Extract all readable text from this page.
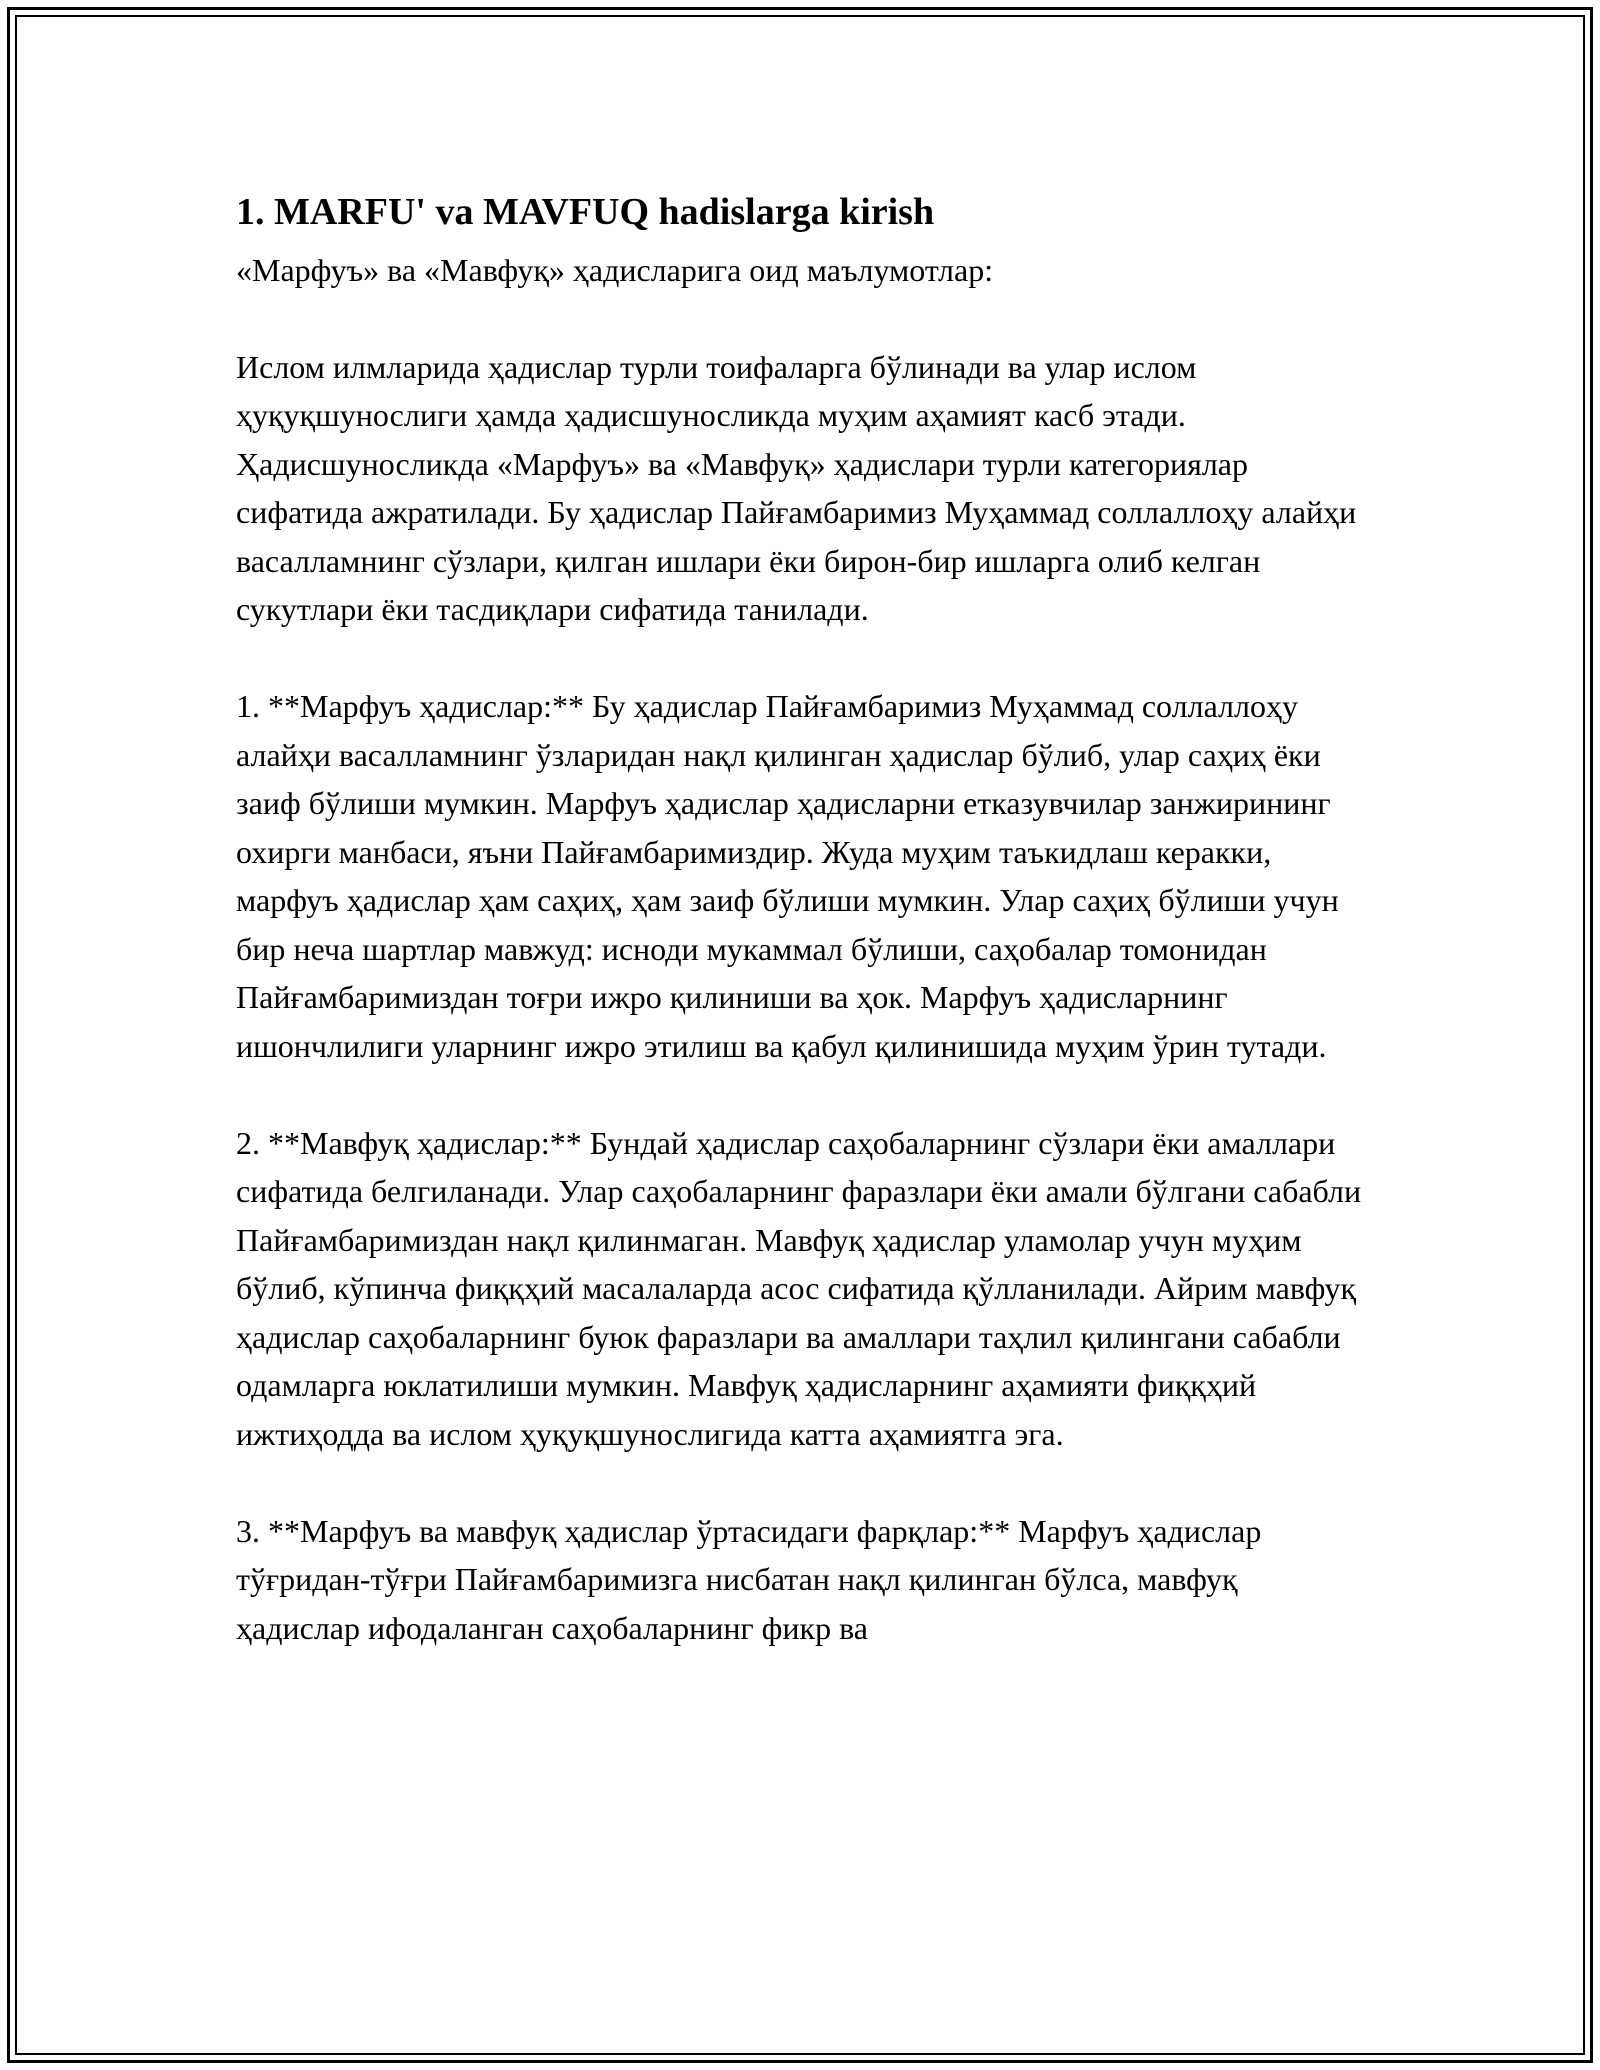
1. MARFU' va MAVFUQ hadislarga kirish

«Марфуъ» ва «Мавфуқ» ҳадисларига оид маълумотлар:

Ислом илмларида ҳадислар турли тоифаларга бўлинади ва улар ислом ҳуқуқшунослиги ҳамда ҳадисшуносликда муҳим аҳамият касб этади. Ҳадисшуносликда «Марфуъ» ва «Мавфуқ» ҳадислари турли категориялар сифатида ажратилади. Бу ҳадислар Пайғамбаримиз Муҳаммад соллаллоҳу алайҳи васалламнинг сўзлари, қилган ишлари ёки бирон-бир ишларга олиб келган сукутлари ёки тасдиқлари сифатида танилади.

1. **Марфуъ ҳадислар:** Бу ҳадислар Пайғамбаримиз Муҳаммад соллаллоҳу алайҳи васалламнинг ўзларидан нақл қилинган ҳадислар бўлиб, улар саҳиҳ ёки заиф бўлиши мумкин. Марфуъ ҳадислар ҳадисларни етказувчилар занжирининг охирги манбаси, яъни Пайғамбаримиздир. Жуда муҳим таъкидлаш керакки, марфуъ ҳадислар ҳам саҳиҳ, ҳам заиф бўлиши мумкин. Улар саҳиҳ бўлиши учун бир неча шартлар мавжуд: исноди мукаммал бўлиши, саҳобалар томонидан Пайғамбаримиздан тоғри ижро қилиниши ва ҳок. Марфуъ ҳадисларнинг ишончлилиги уларнинг ижро этилиш ва қабул қилинишида муҳим ўрин тутади.

2. **Мавфуқ ҳадислар:** Бундай ҳадислар саҳобаларнинг сўзлари ёки амаллари сифатида белгиланади. Улар саҳобаларнинг фаразлари ёки амали бўлгани сабабли Пайғамбаримиздан нақл қилинмаган. Мавфуқ ҳадислар уламолар учун муҳим бўлиб, кўпинча фиққҳий масалаларда асос сифатида қўлланилади. Айрим мавфуқ ҳадислар саҳобаларнинг буюк фаразлари ва амаллари таҳлил қилингани сабабли одамларга юклатилиши мумкин. Мавфуқ ҳадисларнинг аҳамияти фиққҳий ижтиҳодда ва ислом ҳуқуқшунослигида катта аҳамиятга эга.

3. **Марфуъ ва мавфуқ ҳадислар ўртасидаги фарқлар:** Марфуъ ҳадислар тўғридан-тўғри Пайғамбаримизга нисбатан нақл қилинган бўлса, мавфуқ ҳадислар ифодаланган саҳобаларнинг фикр ва
